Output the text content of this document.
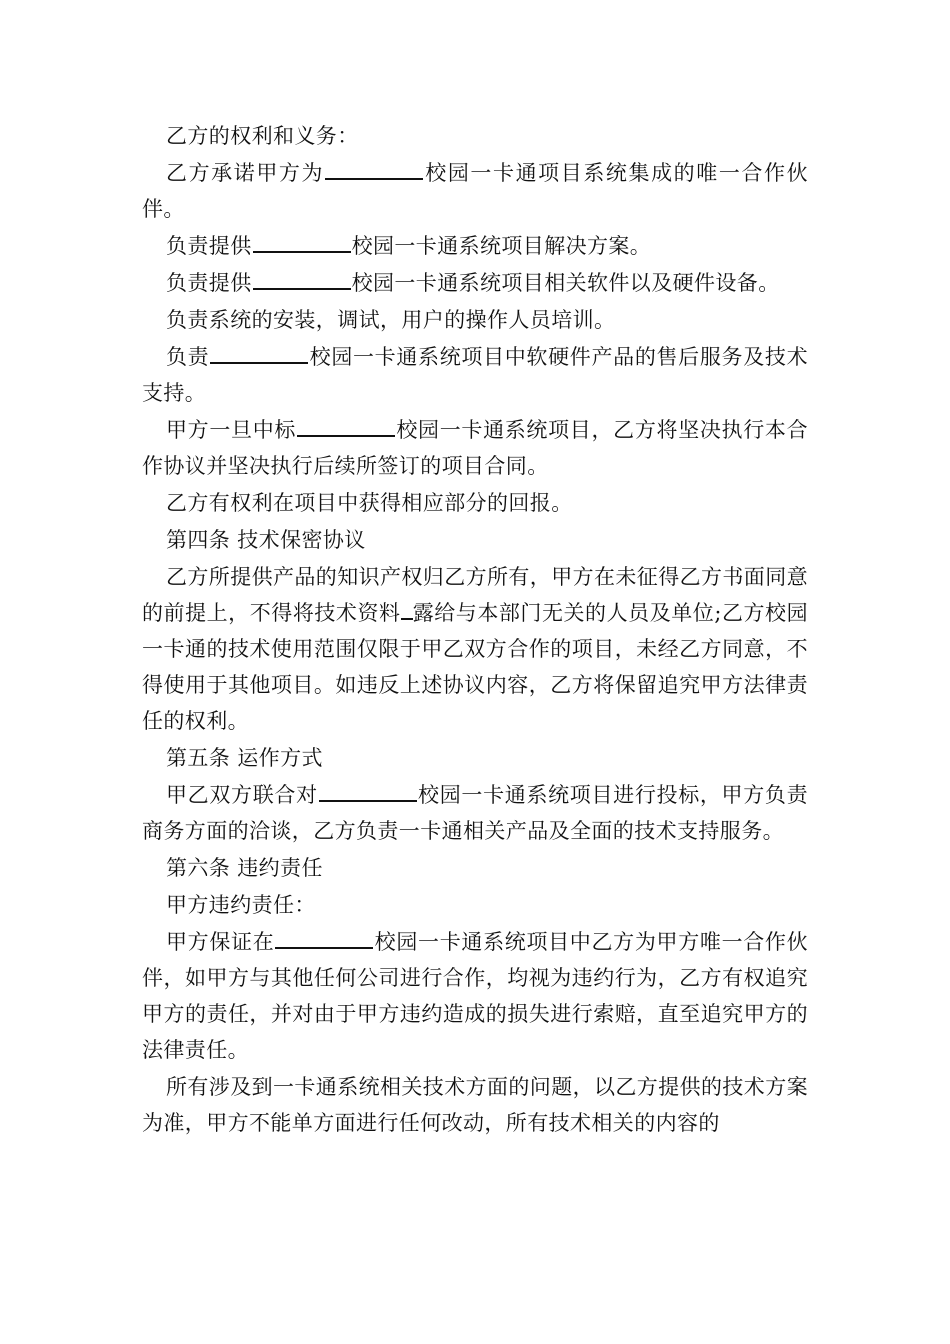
乙方的权利和义务：

乙方承诺甲方为	校园一卡通项目系统集成的唯一合作伙伴。

负责提供	校园一卡通系统项目解决方案。

负责提供	校园一卡通系统项目相关软件以及硬件设备。

负责系统的安装，调试，用户的操作人员培训。

负责	校园一卡通系统项目中软硬件产品的售后服务及技术支持。

甲方一旦中标	校园一卡通系统项目，乙方将坚决执行本合作协议并坚决执行后续所签订的项目合同。

乙方有权利在项目中获得相应部分的回报。

第四条 技术保密协议

乙方所提供产品的知识产权归乙方所有，甲方在未征得乙方书面同意的前提上，不得将技术资料 露给与本部门无关的人员及单位;乙方校园一卡通的技术使用范围仅限于甲乙双方合作的项目，未经乙方同意，不得使用于其他项目。如违反上述协议内容，乙方将保留追究甲方法律责任的权利。

第五条 运作方式

甲乙双方联合对	校园一卡通系统项目进行投标，甲方负责商务方面的洽谈，乙方负责一卡通相关产品及全面的技术支持服务。

第六条 违约责任

甲方违约责任：

甲方保证在	校园一卡通系统项目中乙方为甲方唯一合作伙伴，如甲方与其他任何公司进行合作，均视为违约行为，乙方有权追究甲方的责任，并对由于甲方违约造成的损失进行索赔，直至追究甲方的法律责任。

所有涉及到一卡通系统相关技术方面的问题，以乙方提供的技术方案为准，甲方不能单方面进行任何改动，所有技术相关的内容的
